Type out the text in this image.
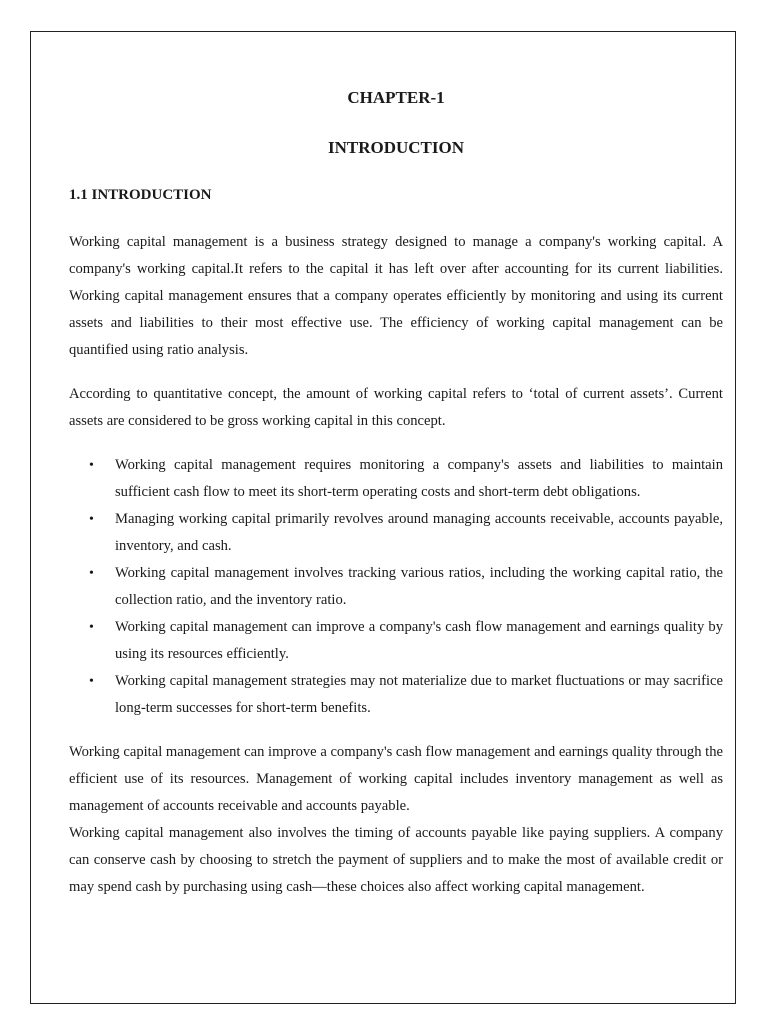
CHAPTER-1

INTRODUCTION

1.1 INTRODUCTION

Working capital management is a business strategy designed to manage a company's working capital. A company's working capital.It refers to the capital it has left over after accounting for its current liabilities. Working capital management ensures that a company operates efficiently by monitoring and using its current assets and liabilities to their most effective use. The efficiency of working capital management can be quantified using ratio analysis.

According to quantitative concept, the amount of working capital refers to ‘total of current assets’. Current assets are considered to be gross working capital in this concept.

• Working capital management requires monitoring a company's assets and liabilities to maintain sufficient cash flow to meet its short-term operating costs and short-term debt obligations.
• Managing working capital primarily revolves around managing accounts receivable, accounts payable, inventory, and cash.
• Working capital management involves tracking various ratios, including the working capital ratio, the collection ratio, and the inventory ratio.
• Working capital management can improve a company's cash flow management and earnings quality by using its resources efficiently.
• Working capital management strategies may not materialize due to market fluctuations or may sacrifice long-term successes for short-term benefits.

Working capital management can improve a company's cash flow management and earnings quality through the efficient use of its resources. Management of working capital includes inventory management as well as management of accounts receivable and accounts payable.

Working capital management also involves the timing of accounts payable like paying suppliers. A company can conserve cash by choosing to stretch the payment of suppliers and to make the most of available credit or may spend cash by purchasing using cash—these choices also affect working capital management.
